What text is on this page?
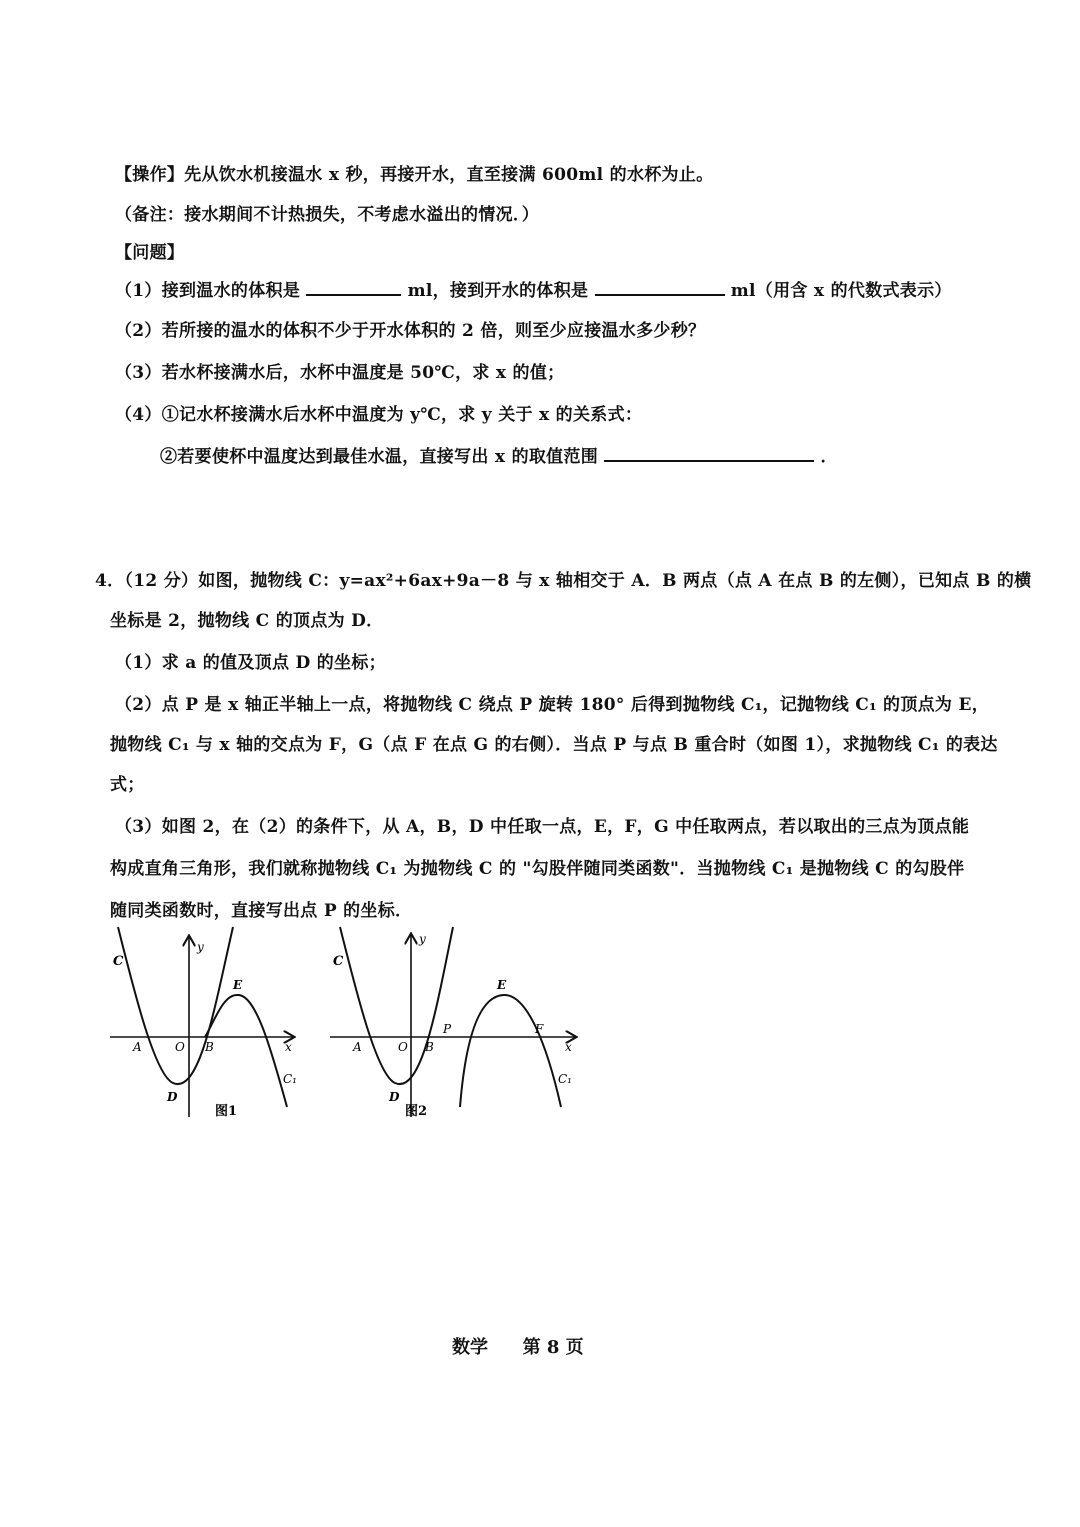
【操作】先从饮水机接温水 x 秒，再接开水，直至接满 600ml 的水杯为止。
（备注：接水期间不计热损失，不考虑水溢出的情况．）
【问题】
（1）接到温水的体积是	ml，接到开水的体积是	ml（用含 x 的代数式表示）
（2）若所接的温水的体积不少于开水体积的 2 倍，则至少应接温水多少秒？
（3）若水杯接满水后，水杯中温度是 50℃，求 x 的值；
（4）①记水杯接满水后水杯中温度为 y℃，求 y 关于 x 的关系式：
②若要使杯中温度达到最佳水温，直接写出 x 的取值范围	．
4．（12 分）如图，抛物线 C：y=ax²+6ax+9a－8 与 x 轴相交于 A．B 两点（点 A 在点 B 的左侧），已知点 B 的横
坐标是 2，抛物线 C 的顶点为 D．
（1）求 a 的值及顶点 D 的坐标；
（2）点 P 是 x 轴正半轴上一点，将抛物线 C 绕点 P 旋转 180° 后得到抛物线 C₁，记抛物线 C₁ 的顶点为 E，
抛物线 C₁ 与 x 轴的交点为 F，G（点 F 在点 G 的右侧）．当点 P 与点 B 重合时（如图 1），求抛物线 C₁ 的表达
式；
（3）如图 2，在（2）的条件下，从 A，B，D 中任取一点，E，F，G 中任取两点，若以取出的三点为顶点能
构成直角三角形，我们就称抛物线 C₁ 为抛物线 C 的 "勾股伴随同类函数"．当抛物线 C₁ 是抛物线 C 的勾股伴
随同类函数时，直接写出点 P 的坐标．
C
y
E
A	O B	x
D
C₁
图1
C
y
E
A	O B
P	F
x
D
C₁
图2
数学 第 8 页
